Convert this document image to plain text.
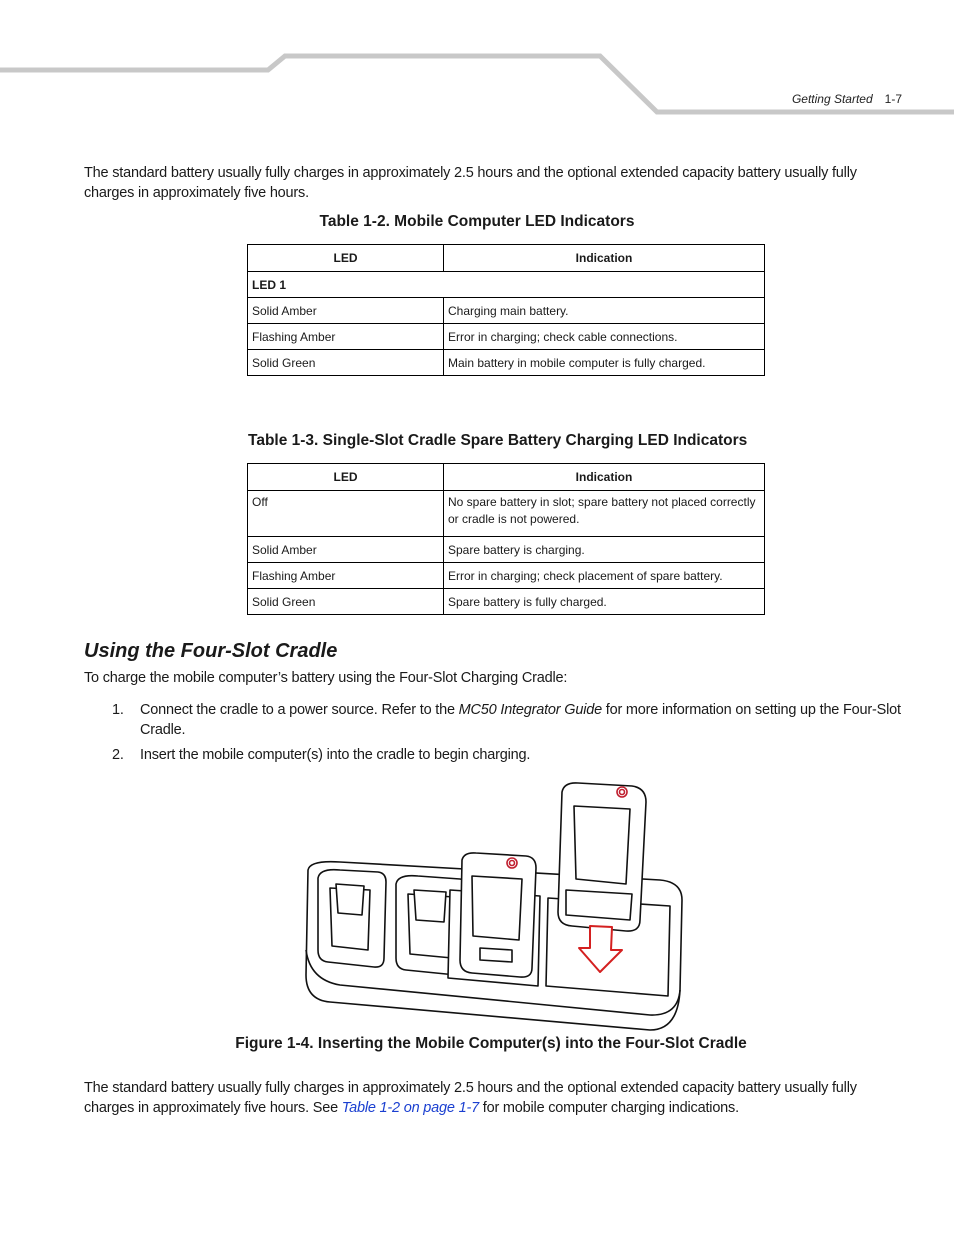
Getting Started 1-7
The standard battery usually fully charges in approximately 2.5 hours and the optional extended capacity battery usually fully charges in approximately five hours.
Table 1-2. Mobile Computer LED Indicators
LED	Indication
LED 1	
Solid Amber	Charging main battery.
Flashing Amber	Error in charging; check cable connections.
Solid Green	Main battery in mobile computer is fully charged.
Table 1-3. Single-Slot Cradle Spare Battery Charging LED Indicators
LED	Indication
Off	No spare battery in slot; spare battery not placed correctly or cradle is not powered.
Solid Amber	Spare battery is charging.
Flashing Amber	Error in charging; check placement of spare battery.
Solid Green	Spare battery is fully charged.
Using the Four-Slot Cradle
To charge the mobile computer’s battery using the Four-Slot Charging Cradle:
1. Connect the cradle to a power source. Refer to the MC50 Integrator Guide for more information on setting up the Four-Slot Cradle.
2. Insert the mobile computer(s) into the cradle to begin charging.
Figure 1-4. Inserting the Mobile Computer(s) into the Four-Slot Cradle
The standard battery usually fully charges in approximately 2.5 hours and the optional extended capacity battery usually fully charges in approximately five hours. See Table 1-2 on page 1-7 for mobile computer charging indications.
